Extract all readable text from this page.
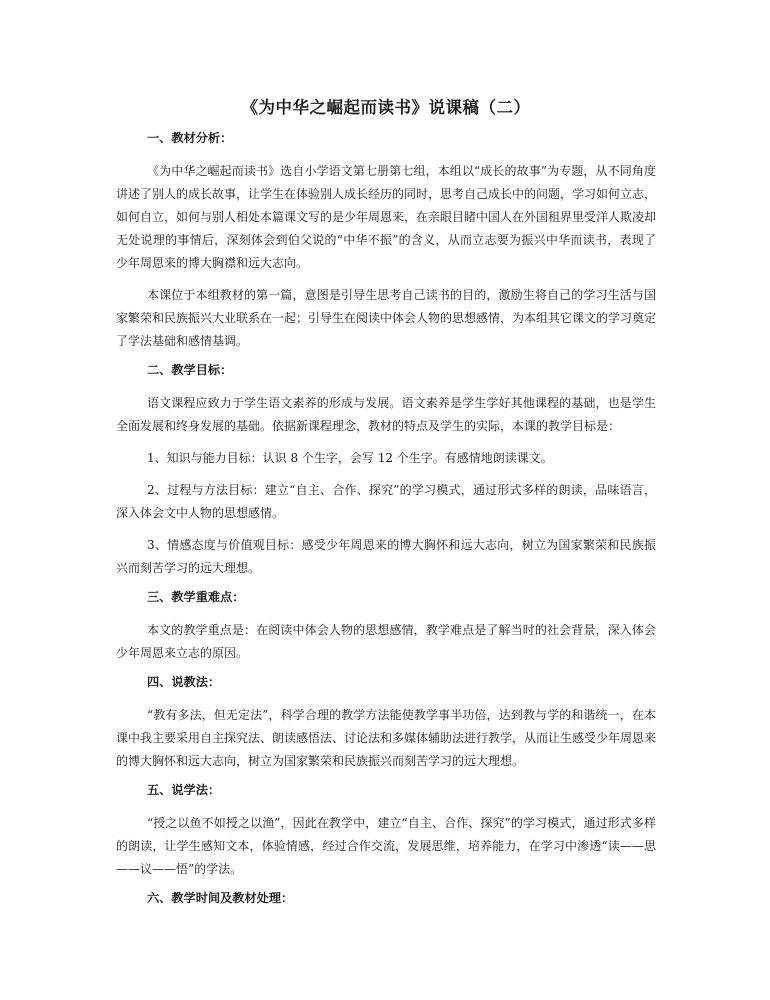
《为中华之崛起而读书》说课稿（二）
一、教材分析：

《为中华之崛起而读书》选自小学语文第七册第七组，本组以“成长的故事”为专题，从不同角度讲述了别人的成长故事，让学生在体验别人成长经历的同时，思考自己成长中的问题，学习如何立志，如何自立，如何与别人相处本篇课文写的是少年周恩来，在亲眼目睹中国人在外国租界里受洋人欺凌却无处说理的事情后，深刻体会到伯父说的“中华不振”的含义，从而立志要为振兴中华而读书，表现了少年周恩来的博大胸襟和远大志向。

本课位于本组教材的第一篇，意图是引导生思考自己读书的目的，激励生将自己的学习生活与国家繁荣和民族振兴大业联系在一起；引导生在阅读中体会人物的思想感情，为本组其它课文的学习奠定了学法基础和感情基调。

二、教学目标：

语文课程应致力于学生语文素养的形成与发展。语文素养是学生学好其他课程的基础，也是学生全面发展和终身发展的基础。依据新课程理念，教材的特点及学生的实际，本课的教学目标是：

1、知识与能力目标：认识 8 个生字，会写 12 个生字。有感情地朗读课文。

2、过程与方法目标：建立“自主、合作、探究”的学习模式，通过形式多样的朗读，品味语言，深入体会文中人物的思想感情。

3、情感态度与价值观目标：感受少年周恩来的博大胸怀和远大志向，树立为国家繁荣和民族振兴而刻苦学习的远大理想。

三、教学重难点：

本文的教学重点是：在阅读中体会人物的思想感情，教学难点是了解当时的社会背景，深入体会少年周恩来立志的原因。

四、说教法：

“教有多法，但无定法”，科学合理的教学方法能使教学事半功倍，达到教与学的和谐统一，在本课中我主要采用自主探究法、朗读感悟法、讨论法和多媒体辅助法进行教学，从而让生感受少年周恩来的博大胸怀和远大志向，树立为国家繁荣和民族振兴而刻苦学习的远大理想。

五、说学法：

“授之以鱼不如授之以渔”，因此在教学中，建立“自主、合作、探究”的学习模式，通过形式多样的朗读，让学生感知文本，体验情感，经过合作交流，发展思维，培养能力，在学习中渗透“读——思——议——悟”的学法。

六、教学时间及教材处理：
